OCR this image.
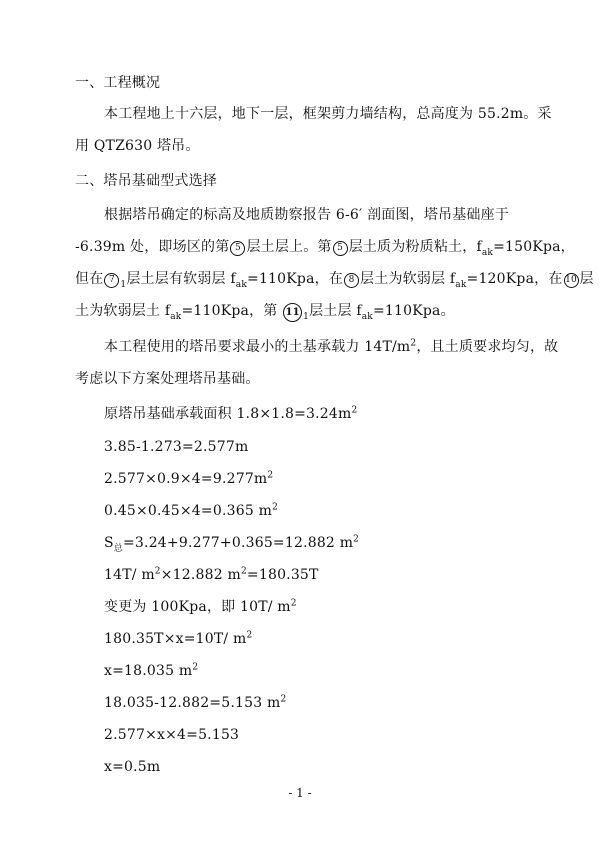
一、工程概况
本工程地上十六层，地下一层，框架剪力墙结构，总高度为 55.2m。采
用 QTZ630 塔吊。
二、塔吊基础型式选择
根据塔吊确定的标高及地质勘察报告 6-6′ 剖面图，塔吊基础座于
-6.39m 处，即场区的第 5 层土层上。第 5 层土质为粉质粘土，$f_{ak}=150Kpa$，
但在 7 $_1$层土层有软弱层 $f_{ak}=110Kpa$，在 8 层土为软弱层 $f_{ak}=120Kpa$，在 10 层
土为软弱层土 $f_{ak}=110Kpa$，第 11 $_1$层土层 $f_{ak}=110Kpa$。
本工程使用的塔吊要求最小的土基承载力 $14T/m^2$，且土质要求均匀，故
考虑以下方案处理塔吊基础。
原塔吊基础承载面积 $1.8\times 1.8=3.24m^2$
3.85-1.273=2.577m
$2.577\times 0.9\times 4=9.277m^2$
0.45×0.45×4=0.365 $m^2$
$S_总=3.24+9.277+0.365=12.882$ $m^2$
14T/ $m^2\times 12.882$ $m^2=180.35T$
变更为 100Kpa，即 10T/ $m^2$
180.35T×x=10T/ $m^2$
x=18.035 $m^2$
18.035-12.882=5.153 $m^2$
2.577×x×4=5.153
x=0.5m
- 1 -
